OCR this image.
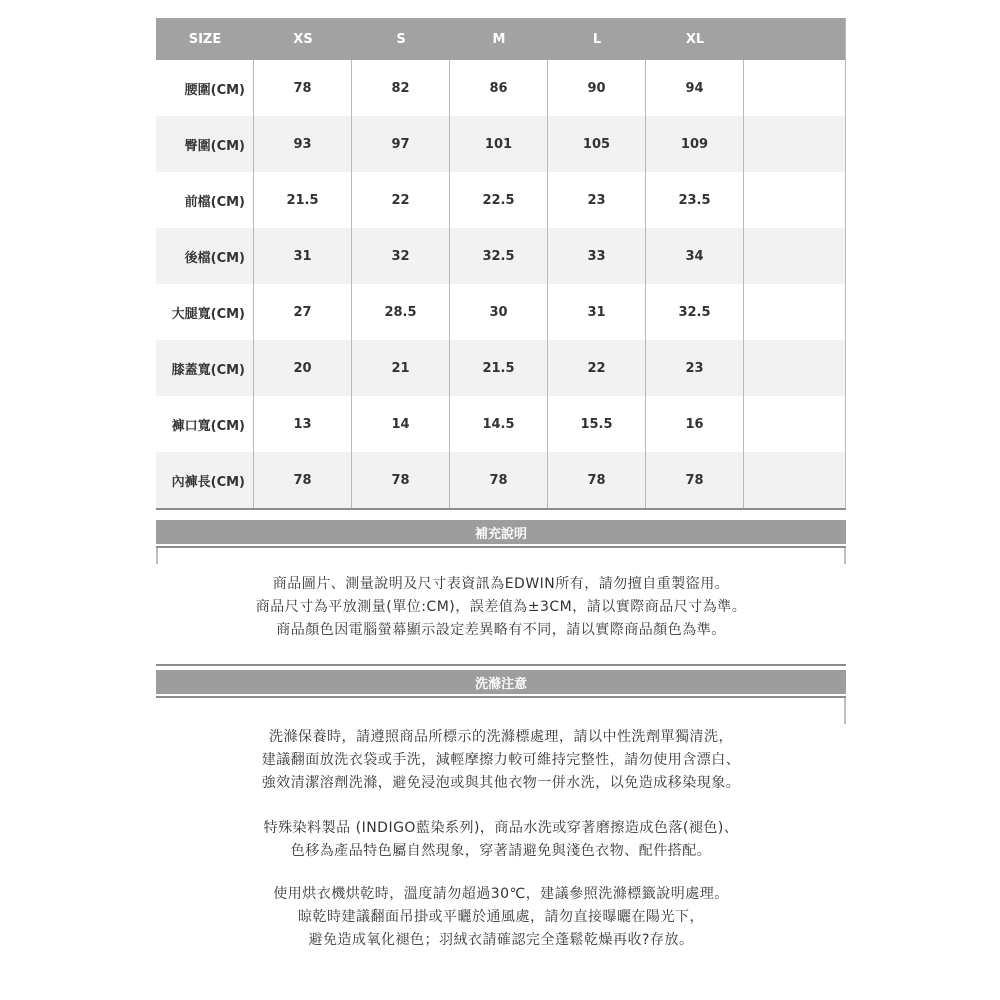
SIZE	XS	S	M	L	XL
腰圍(CM)	78	82	86	90	94
臀圍(CM)	93	97	101	105	109
前檔(CM)	21.5	22	22.5	23	23.5
後檔(CM)	31	32	32.5	33	34
大腿寬(CM)	27	28.5	30	31	32.5
膝蓋寬(CM)	20	21	21.5	22	23
褲口寬(CM)	13	14	14.5	15.5	16
內褲長(CM)	78	78	78	78	78
補充說明
商品圖片、測量說明及尺寸表資訊為EDWIN所有，請勿擅自重製盜用。
商品尺寸為平放測量(單位:CM)，誤差值為±3CM，請以實際商品尺寸為準。
商品顏色因電腦螢幕顯示設定差異略有不同，請以實際商品顏色為準。
洗滌注意
洗滌保養時，請遵照商品所標示的洗滌標處理，請以中性洗劑單獨清洗，
建議翻面放洗衣袋或手洗，減輕摩擦力較可維持完整性，請勿使用含漂白、
強效清潔溶劑洗滌，避免浸泡或與其他衣物一併水洗，以免造成移染現象。
特殊染料製品 (INDIGO藍染系列)，商品水洗或穿著磨擦造成色落(褪色)、
色移為產品特色屬自然現象，穿著請避免與淺色衣物、配件搭配。
使用烘衣機烘乾時，溫度請勿超過30℃，建議參照洗滌標籤說明處理。
晾乾時建議翻面吊掛或平曬於通風處，請勿直接曝曬在陽光下，
避免造成氧化褪色；羽絨衣請確認完全蓬鬆乾燥再收?存放。
